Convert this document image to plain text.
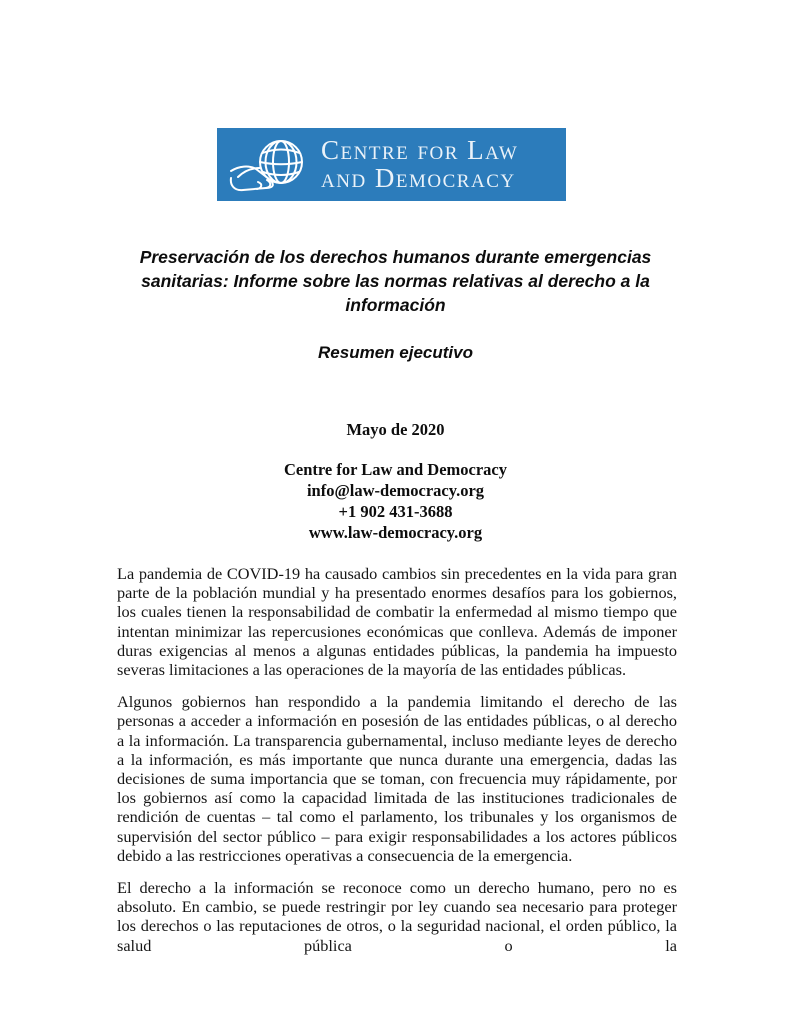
Centre for Law
and Democracy
Preservación de los derechos humanos durante emergencias
sanitarias: Informe sobre las normas relativas al derecho a la
información
Resumen ejecutivo
Mayo de 2020
Centre for Law and Democracy
info@law-democracy.org
+1 902 431-3688
www.law-democracy.org

La pandemia de COVID-19 ha causado cambios sin precedentes en la vida para gran parte de la población mundial y ha presentado enormes desafíos para los gobiernos, los cuales tienen la responsabilidad de combatir la enfermedad al mismo tiempo que intentan minimizar las repercusiones económicas que conlleva. Además de imponer duras exigencias al menos a algunas entidades públicas, la pandemia ha impuesto severas limitaciones a las operaciones de la mayoría de las entidades públicas.

Algunos gobiernos han respondido a la pandemia limitando el derecho de las personas a acceder a información en posesión de las entidades públicas, o al derecho a la información. La transparencia gubernamental, incluso mediante leyes de derecho a la información, es más importante que nunca durante una emergencia, dadas las decisiones de suma importancia que se toman, con frecuencia muy rápidamente, por los gobiernos así como la capacidad limitada de las instituciones tradicionales de rendición de cuentas – tal como el parlamento, los tribunales y los organismos de supervisión del sector público – para exigir responsabilidades a los actores públicos debido a las restricciones operativas a consecuencia de la emergencia.

El derecho a la información se reconoce como un derecho humano, pero no es absoluto. En cambio, se puede restringir por ley cuando sea necesario para proteger los derechos o las reputaciones de otros, o la seguridad nacional, el orden público, la salud pública o la
